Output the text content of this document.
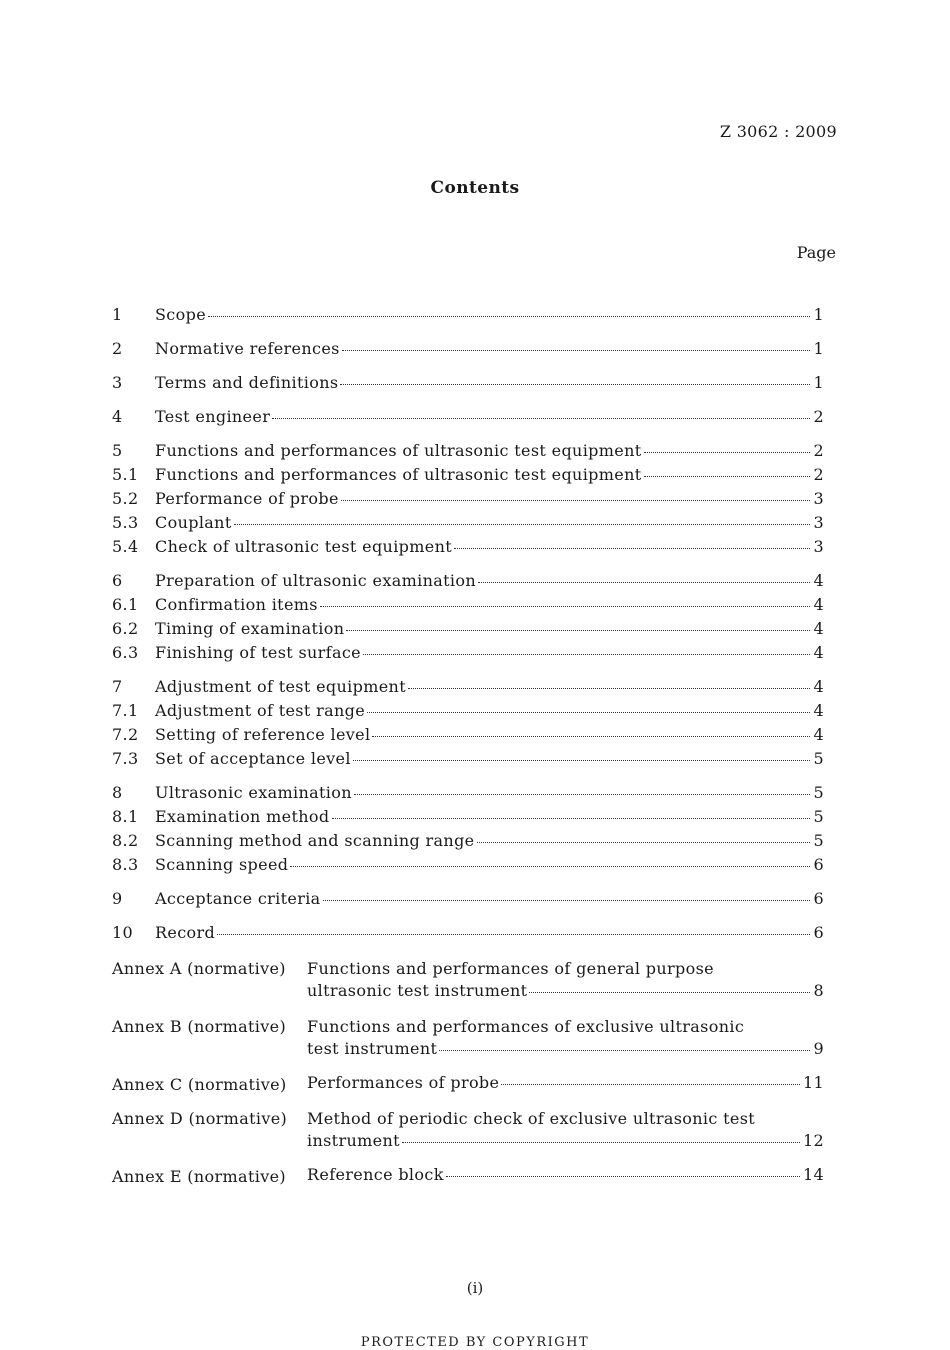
Z 3062 : 2009
Contents
Page
1	Scope	1
2	Normative references	1
3	Terms and definitions	1
4	Test engineer	2
5	Functions and performances of ultrasonic test equipment	2
5.1	Functions and performances of ultrasonic test equipment	2
5.2	Performance of probe	3
5.3	Couplant	3
5.4	Check of ultrasonic test equipment	3
6	Preparation of ultrasonic examination	4
6.1	Confirmation items	4
6.2	Timing of examination	4
6.3	Finishing of test surface	4
7	Adjustment of test equipment	4
7.1	Adjustment of test range	4
7.2	Setting of reference level	4
7.3	Set of acceptance level	5
8	Ultrasonic examination	5
8.1	Examination method	5
8.2	Scanning method and scanning range	5
8.3	Scanning speed	6
9	Acceptance criteria	6
10	Record	6
Annex A (normative)	Functions and performances of general purpose
ultrasonic test instrument	8
Annex B (normative)	Functions and performances of exclusive ultrasonic
test instrument	9
Annex C (normative)	Performances of probe	11
Annex D (normative)	Method of periodic check of exclusive ultrasonic test
instrument	12
Annex E (normative)	Reference block	14
(i)
PROTECTED BY COPYRIGHT
